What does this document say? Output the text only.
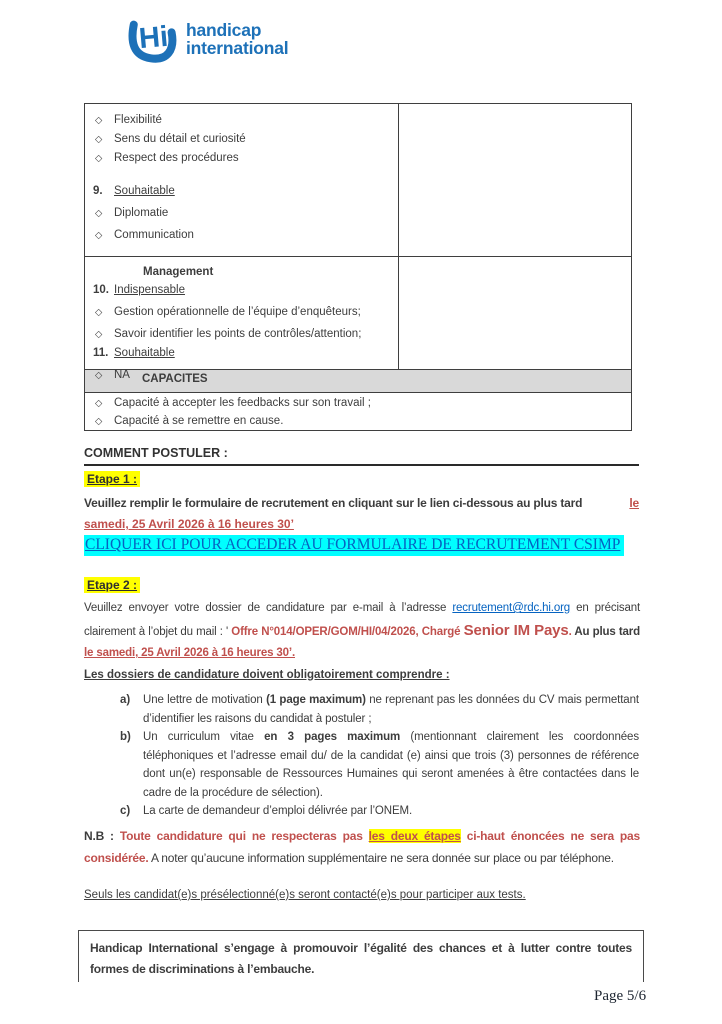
Hi handicap
international
◇	Flexibilité
◇	Sens du détail et curiosité
◇	Respect des procédures
9. Souhaitable
◇	Diplomatie
◇	Communication
Management
10. Indispensable
◇	Gestion opérationnelle de l’équipe d’enquêteurs;
◇	Savoir identifier les points de contrôles/attention;
11. Souhaitable
◇	NA	CAPACITES
◇	Capacité à accepter les feedbacks sur son travail ;
◇	Capacité à se remettre en cause.
COMMENT POSTULER :
Etape 1 :
Veuillez remplir le formulaire de recrutement en cliquant sur le lien ci-dessous au plus tard	le
samedi, 25 Avril 2026 à 16 heures 30’
CLIQUER ICI POUR ACCEDER AU FORMULAIRE DE RECRUTEMENT CSIMP
Etape 2 :

Veuillez envoyer votre dossier de candidature par e-mail à l’adresse recrutement@rdc.hi.org en précisant clairement à l’objet du mail : ' Offre N°014/OPER/GOM/HI/04/2026, Chargé Senior IM Pays. Au plus tard le samedi, 25 Avril 2026 à 16 heures 30’.

Les dossiers de candidature doivent obligatoirement comprendre :

a)	Une lettre de motivation (1 page maximum) ne reprenant pas les données du CV mais permettant d’identifier les raisons du candidat à postuler ;
b)	Un curriculum vitae en 3 pages maximum (mentionnant clairement les coordonnées téléphoniques et l’adresse email du/ de la candidat (e) ainsi que trois (3) personnes de référence dont un(e) responsable de Ressources Humaines qui seront amenées à être contactées dans le cadre de la procédure de sélection).
c)	La carte de demandeur d’emploi délivrée par l’ONEM.
N.B : Toute candidature qui ne respecteras pas les deux étapes ci-haut énoncées ne sera pas considérée. A noter qu’aucune information supplémentaire ne sera donnée sur place ou par téléphone.
Seuls les candidat(e)s présélectionné(e)s seront contacté(e)s pour participer aux tests.

Handicap International s’engage à promouvoir l’égalité des chances et à lutter contre toutes formes de discriminations à l’embauche.

Page 5/6
